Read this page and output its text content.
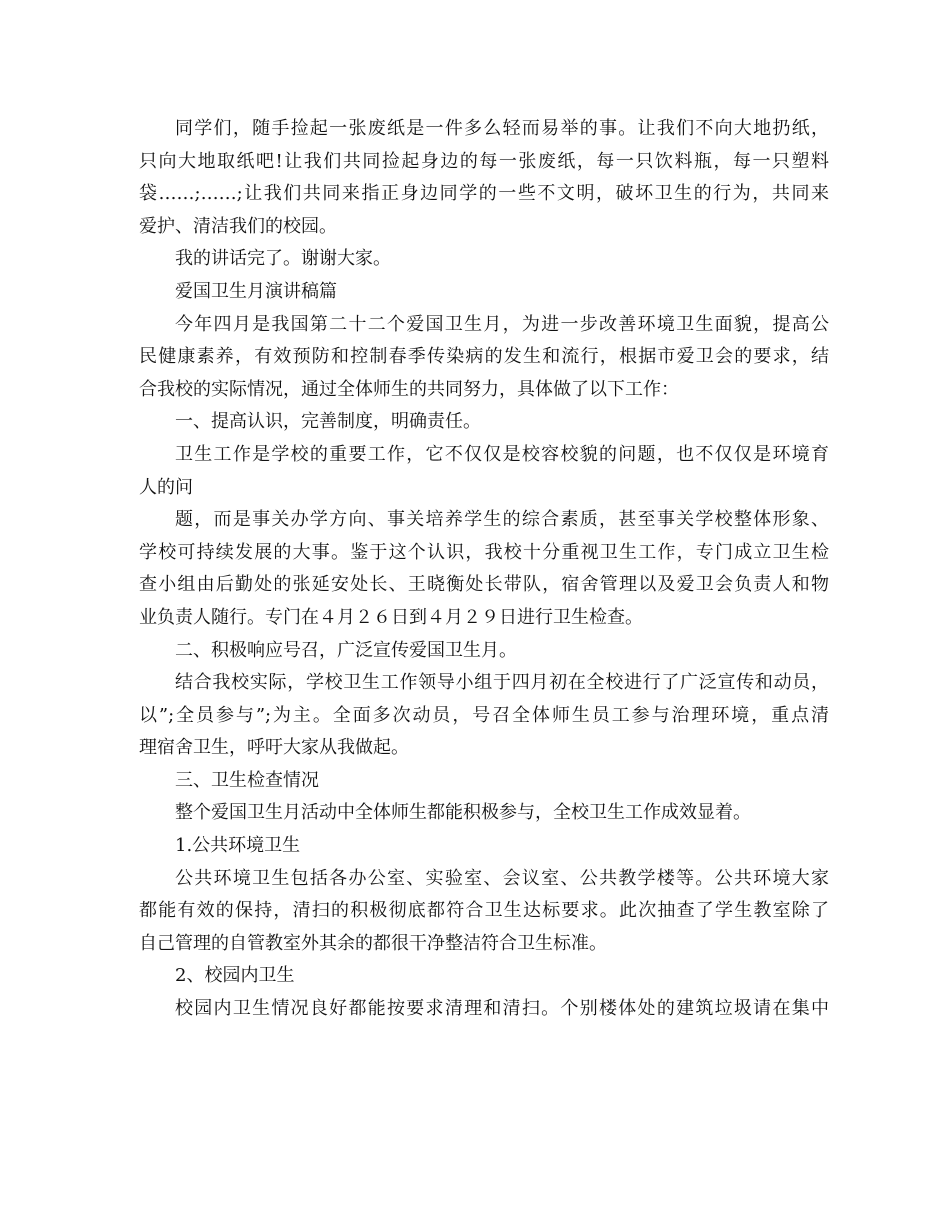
同学们，随手捡起一张废纸是一件多么轻而易举的事。让我们不向大地扔纸，
只向大地取纸吧!让我们共同捡起身边的每一张废纸，每一只饮料瓶，每一只塑料
袋……;……;让我们共同来指正身边同学的一些不文明，破坏卫生的行为，共同来
爱护、清洁我们的校园。
我的讲话完了。谢谢大家。
爱国卫生月演讲稿篇
今年四月是我国第二十二个爱国卫生月，为进一步改善环境卫生面貌，提高公
民健康素养，有效预防和控制春季传染病的发生和流行，根据市爱卫会的要求，结
合我校的实际情况，通过全体师生的共同努力，具体做了以下工作：
一、提高认识，完善制度，明确责任。
卫生工作是学校的重要工作，它不仅仅是校容校貌的问题，也不仅仅是环境育
人的问
题，而是事关办学方向、事关培养学生的综合素质，甚至事关学校整体形象、
学校可持续发展的大事。鉴于这个认识，我校十分重视卫生工作，专门成立卫生检
查小组由后勤处的张延安处长、王晓衡处长带队，宿舍管理以及爱卫会负责人和物
业负责人随行。专门在４月２６日到４月２９日进行卫生检查。
二、积极响应号召，广泛宣传爱国卫生月。
结合我校实际，学校卫生工作领导小组于四月初在全校进行了广泛宣传和动员，
以”;全员参与”;为主。全面多次动员，号召全体师生员工参与治理环境，重点清
理宿舍卫生，呼吁大家从我做起。
三、卫生检查情况
整个爱国卫生月活动中全体师生都能积极参与，全校卫生工作成效显着。
1.公共环境卫生
公共环境卫生包括各办公室、实验室、会议室、公共教学楼等。公共环境大家
都能有效的保持，清扫的积极彻底都符合卫生达标要求。此次抽查了学生教室除了
自己管理的自管教室外其余的都很干净整洁符合卫生标准。
2、校园内卫生
校园内卫生情况良好都能按要求清理和清扫。个别楼体处的建筑垃圾请在集中
